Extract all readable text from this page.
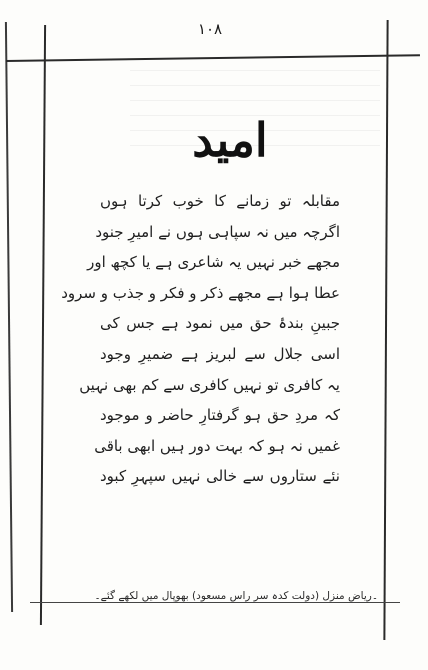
۱۰۸
امید
مقابلہ تو زمانے کا خوب کرتا ہوں
اگرچہ میں نہ سپاہی ہوں نے امیرِ جنود
مجھے خبر نہیں یہ شاعری ہے یا کچھ اور
عطا ہوا ہے مجھے ذکر و فکر و جذب و سرود
جبینِ بندۂ حق میں نمود ہے جس کی
اسی جلال سے لبریز ہے ضمیرِ وجود
یہ کافری تو نہیں کافری سے کم بھی نہیں
کہ مردِ حق ہو گرفتارِ حاضر و موجود
غمیں نہ ہو کہ بہت دور ہیں ابھی باقی
نئے ستاروں سے خالی نہیں سپہرِ کبود
۔ریاض منزل (دولت کدہ سر راس مسعود) بھوپال میں لکھے گئے۔
